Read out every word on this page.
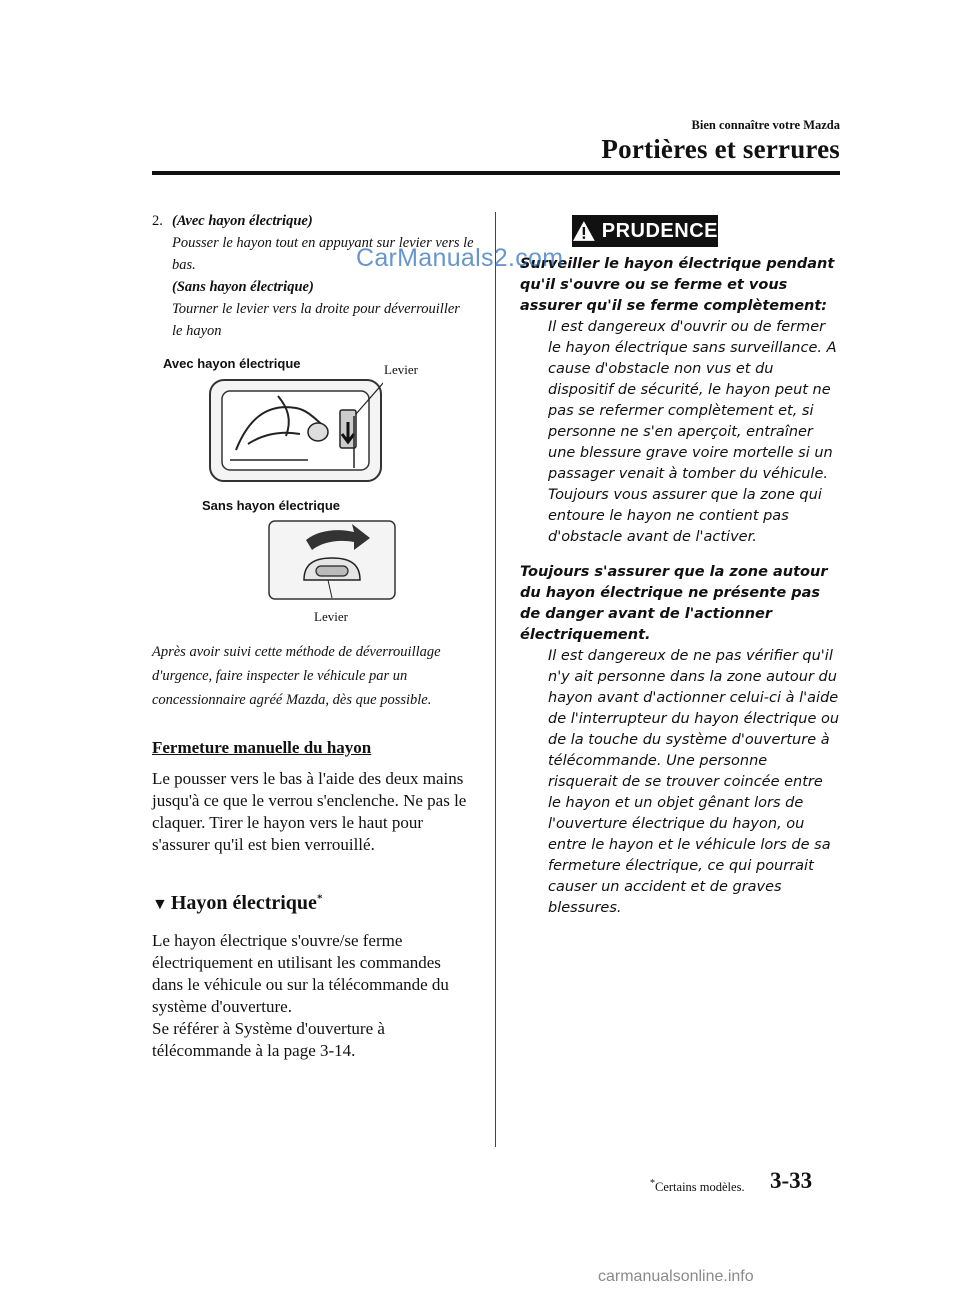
Bien connaître votre Mazda
Portières et serrures
2. (Avec hayon électrique)
Pousser le hayon tout en appuyant sur levier vers le bas.
(Sans hayon électrique)
Tourner le levier vers la droite pour déverrouiller le hayon
Avec hayon électrique	Levier
Sans hayon électrique
Levier
Après avoir suivi cette méthode de déverrouillage d'urgence, faire inspecter le véhicule par un concessionnaire agréé Mazda, dès que possible.
Fermeture manuelle du hayon
Le pousser vers le bas à l'aide des deux mains jusqu'à ce que le verrou s'enclenche. Ne pas le claquer. Tirer le hayon vers le haut pour s'assurer qu'il est bien verrouillé.
▼ Hayon électrique*
Le hayon électrique s'ouvre/se ferme électriquement en utilisant les commandes dans le véhicule ou sur la télécommande du système d'ouverture.
Se référer à Système d'ouverture à télécommande à la page 3-14.
PRUDENCE
Surveiller le hayon électrique pendant qu'il s'ouvre ou se ferme et vous assurer qu'il se ferme complètement:
Il est dangereux d'ouvrir ou de fermer le hayon électrique sans surveillance. A cause d'obstacle non vus et du dispositif de sécurité, le hayon peut ne pas se refermer complètement et, si personne ne s'en aperçoit, entraîner une blessure grave voire mortelle si un passager venait à tomber du véhicule.
Toujours vous assurer que la zone qui entoure le hayon ne contient pas d'obstacle avant de l'activer.
Toujours s'assurer que la zone autour du hayon électrique ne présente pas de danger avant de l'actionner électriquement.
Il est dangereux de ne pas vérifier qu'il n'y ait personne dans la zone autour du hayon avant d'actionner celui-ci à l'aide de l'interrupteur du hayon électrique ou de la touche du système d'ouverture à télécommande. Une personne risquerait de se trouver coincée entre le hayon et un objet gênant lors de l'ouverture électrique du hayon, ou entre le hayon et le véhicule lors de sa fermeture électrique, ce qui pourrait causer un accident et de graves blessures.
CarManuals2.com
carmanualsonline.info
*Certains modèles. 3-33
